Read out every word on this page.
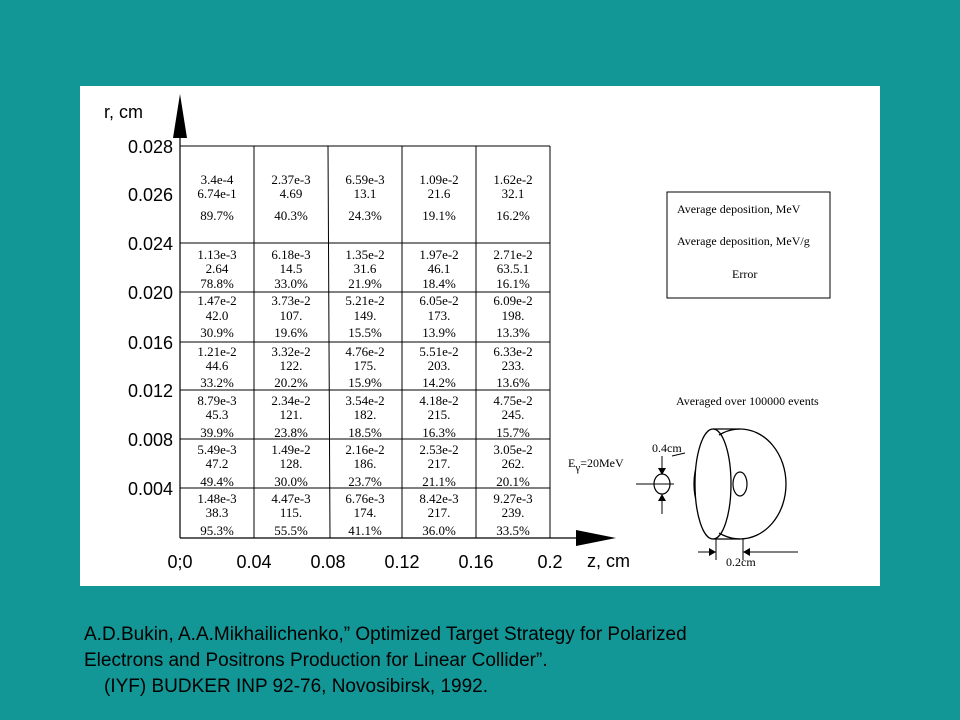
r, cm
z, cm
3.4e-4
6.74e-1
89.7%
2.37e-3
4.69
40.3%
6.59e-3
13.1
24.3%
1.09e-2
21.6
19.1%
1.62e-2
32.1
16.2%
1.13e-3
2.64
78.8%
6.18e-3
14.5
33.0%
1.35e-2
31.6
21.9%
1.97e-2
46.1
18.4%
2.71e-2
63.5.1
16.1%
1.47e-2
42.0
30.9%
3.73e-2
107.
19.6%
5.21e-2
149.
15.5%
6.05e-2
173.
13.9%
6.09e-2
198.
13.3%
1.21e-2
44.6
33.2%
3.32e-2
122.
20.2%
4.76e-2
175.
15.9%
5.51e-2
203.
14.2%
6.33e-2
233.
13.6%
8.79e-3
45.3
39.9%
2.34e-2
121.
23.8%
3.54e-2
182.
18.5%
4.18e-2
215.
16.3%
4.75e-2
245.
15.7%
5.49e-3
47.2
49.4%
1.49e-2
128.
30.0%
2.16e-2
186.
23.7%
2.53e-2
217.
21.1%
3.05e-2
262.
20.1%
1.48e-3
38.3
95.3%
4.47e-3
115.
55.5%
6.76e-3
174.
41.1%
8.42e-3
217.
36.0%
9.27e-3
239.
33.5%
0.028
0.026
0.024
0.020
0.016
0.012
0.008
0.004
0;0 0.04 0.08 0.12 0.16 0.2
Average deposition, MeV
Average deposition, MeV/g
Error
Averaged over 100000 events
Eγ=20MeV
0.4cm
0.2cm
A.D.Bukin, A.A.Mikhailichenko,” Optimized Target Strategy for Polarized
Electrons and Positrons Production for Linear Collider”.
(IYF) BUDKER INP 92-76, Novosibirsk, 1992.
